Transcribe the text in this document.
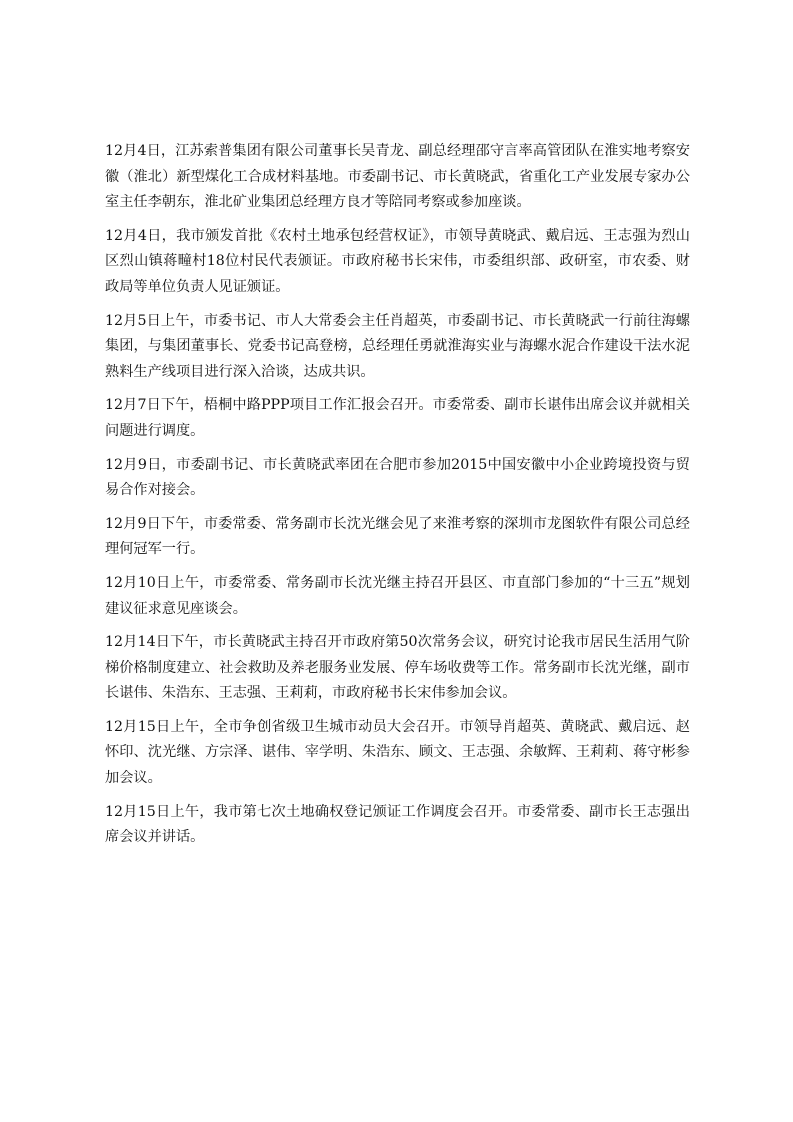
12月4日，江苏索普集团有限公司董事长吴青龙、副总经理邵守言率高管团队在淮实地考察安徽（淮北）新型煤化工合成材料基地。市委副书记、市长黄晓武，省重化工产业发展专家办公室主任李朝东，淮北矿业集团总经理方良才等陪同考察或参加座谈。

12月4日，我市颁发首批《农村土地承包经营权证》，市领导黄晓武、戴启远、王志强为烈山区烈山镇蒋疃村18位村民代表颁证。市政府秘书长宋伟，市委组织部、政研室，市农委、财政局等单位负责人见证颁证。

12月5日上午，市委书记、市人大常委会主任肖超英，市委副书记、市长黄晓武一行前往海螺集团，与集团董事长、党委书记高登榜，总经理任勇就淮海实业与海螺水泥合作建设干法水泥熟料生产线项目进行深入洽谈，达成共识。

12月7日下午，梧桐中路PPP项目工作汇报会召开。市委常委、副市长谌伟出席会议并就相关问题进行调度。

12月9日，市委副书记、市长黄晓武率团在合肥市参加2015中国安徽中小企业跨境投资与贸易合作对接会。

12月9日下午，市委常委、常务副市长沈光继会见了来淮考察的深圳市龙图软件有限公司总经理何冠军一行。

12月10日上午，市委常委、常务副市长沈光继主持召开县区、市直部门参加的“十三五”规划建议征求意见座谈会。

12月14日下午，市长黄晓武主持召开市政府第50次常务会议，研究讨论我市居民生活用气阶梯价格制度建立、社会救助及养老服务业发展、停车场收费等工作。常务副市长沈光继，副市长谌伟、朱浩东、王志强、王莉莉，市政府秘书长宋伟参加会议。

12月15日上午，全市争创省级卫生城市动员大会召开。市领导肖超英、黄晓武、戴启远、赵怀印、沈光继、方宗泽、谌伟、宰学明、朱浩东、顾文、王志强、余敏辉、王莉莉、蒋守彬参加会议。

12月15日上午，我市第七次土地确权登记颁证工作调度会召开。市委常委、副市长王志强出席会议并讲话。
